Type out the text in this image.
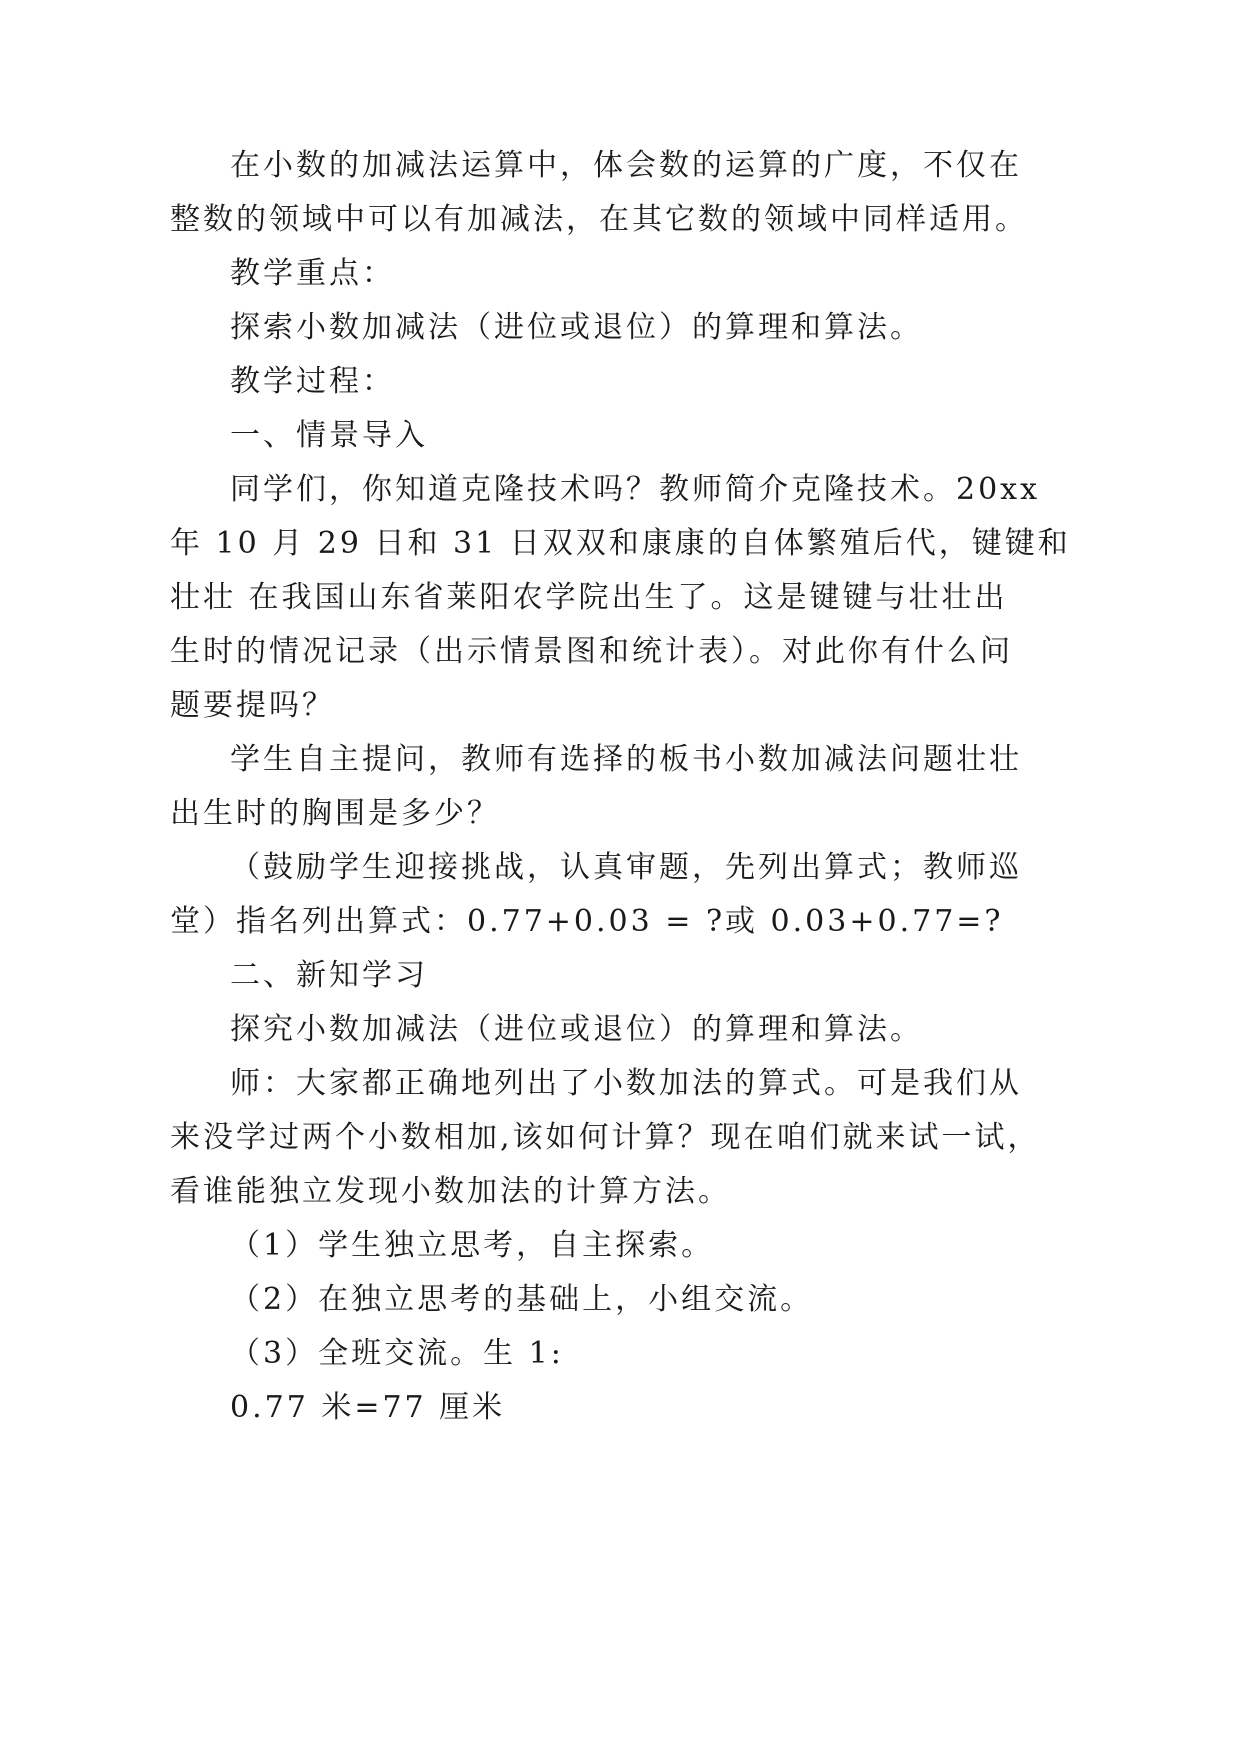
在小数的加减法运算中，体会数的运算的广度，不仅在
整数的领域中可以有加减法，在其它数的领域中同样适用。
教学重点：
探索小数加减法（进位或退位）的算理和算法。
教学过程：
一、情景导入
同学们，你知道克隆技术吗？教师简介克隆技术。20xx
年 10 月 29 日和 31 日双双和康康的自体繁殖后代，键键和
壮壮 在我国山东省莱阳农学院出生了。这是键键与壮壮出
生时的情况记录（出示情景图和统计表）。对此你有什么问
题要提吗？
学生自主提问，教师有选择的板书小数加减法问题壮壮
出生时的胸围是多少？
（鼓励学生迎接挑战，认真审题，先列出算式；教师巡
堂）指名列出算式：0.77+0.03 = ?或 0.03+0.77=?
二、新知学习
探究小数加减法（进位或退位）的算理和算法。
师：大家都正确地列出了小数加法的算式。可是我们从
来没学过两个小数相加,该如何计算？现在咱们就来试一试，
看谁能独立发现小数加法的计算方法。
（1）学生独立思考，自主探索。
（2）在独立思考的基础上，小组交流。
（3）全班交流。生 1:
0.77 米=77 厘米
